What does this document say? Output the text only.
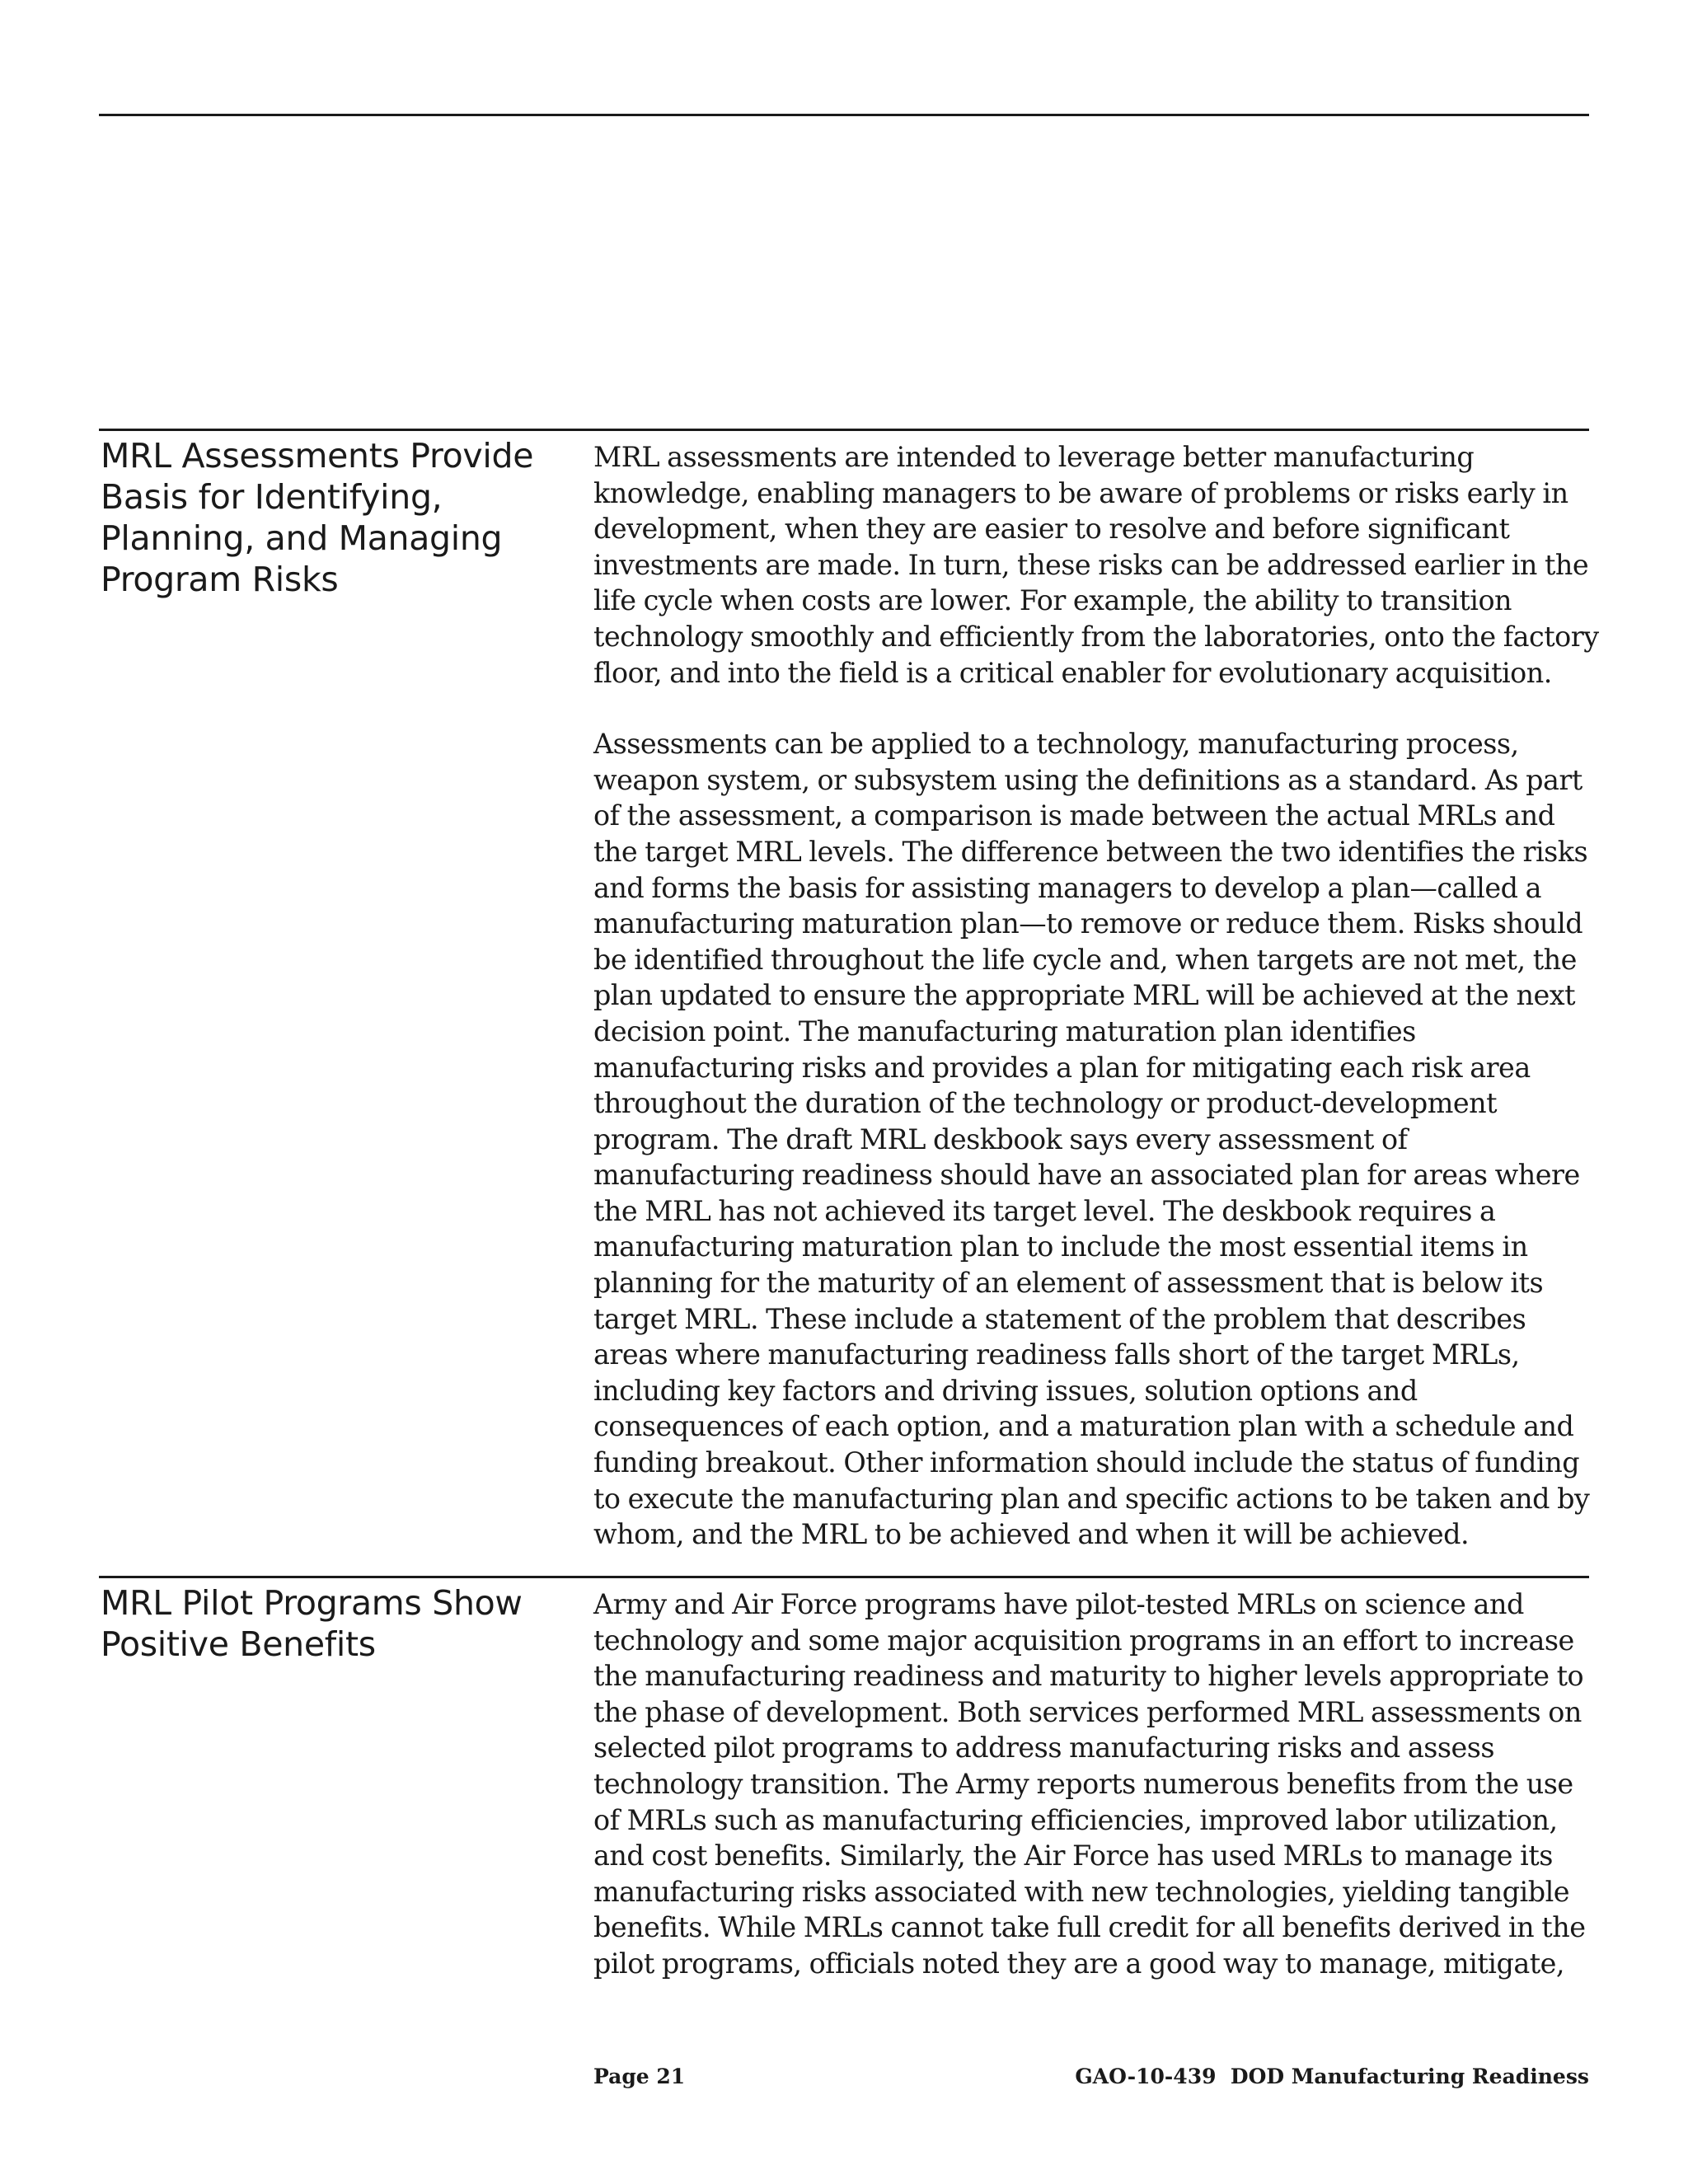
MRL Assessments Provide Basis for Identifying, Planning, and Managing Program Risks

MRL assessments are intended to leverage better manufacturing knowledge, enabling managers to be aware of problems or risks early in development, when they are easier to resolve and before significant investments are made. In turn, these risks can be addressed earlier in the life cycle when costs are lower. For example, the ability to transition technology smoothly and efficiently from the laboratories, onto the factory floor, and into the field is a critical enabler for evolutionary acquisition.

Assessments can be applied to a technology, manufacturing process, weapon system, or subsystem using the definitions as a standard. As part of the assessment, a comparison is made between the actual MRLs and the target MRL levels. The difference between the two identifies the risks and forms the basis for assisting managers to develop a plan—called a manufacturing maturation plan—to remove or reduce them. Risks should be identified throughout the life cycle and, when targets are not met, the plan updated to ensure the appropriate MRL will be achieved at the next decision point. The manufacturing maturation plan identifies manufacturing risks and provides a plan for mitigating each risk area throughout the duration of the technology or product-development program. The draft MRL deskbook says every assessment of manufacturing readiness should have an associated plan for areas where the MRL has not achieved its target level. The deskbook requires a manufacturing maturation plan to include the most essential items in planning for the maturity of an element of assessment that is below its target MRL. These include a statement of the problem that describes areas where manufacturing readiness falls short of the target MRLs, including key factors and driving issues, solution options and consequences of each option, and a maturation plan with a schedule and funding breakout. Other information should include the status of funding to execute the manufacturing plan and specific actions to be taken and by whom, and the MRL to be achieved and when it will be achieved.

MRL Pilot Programs Show Positive Benefits

Army and Air Force programs have pilot-tested MRLs on science and technology and some major acquisition programs in an effort to increase the manufacturing readiness and maturity to higher levels appropriate to the phase of development. Both services performed MRL assessments on selected pilot programs to address manufacturing risks and assess technology transition. The Army reports numerous benefits from the use of MRLs such as manufacturing efficiencies, improved labor utilization, and cost benefits. Similarly, the Air Force has used MRLs to manage its manufacturing risks associated with new technologies, yielding tangible benefits. While MRLs cannot take full credit for all benefits derived in the pilot programs, officials noted they are a good way to manage, mitigate,

Page 21	GAO-10-439  DOD Manufacturing Readiness
